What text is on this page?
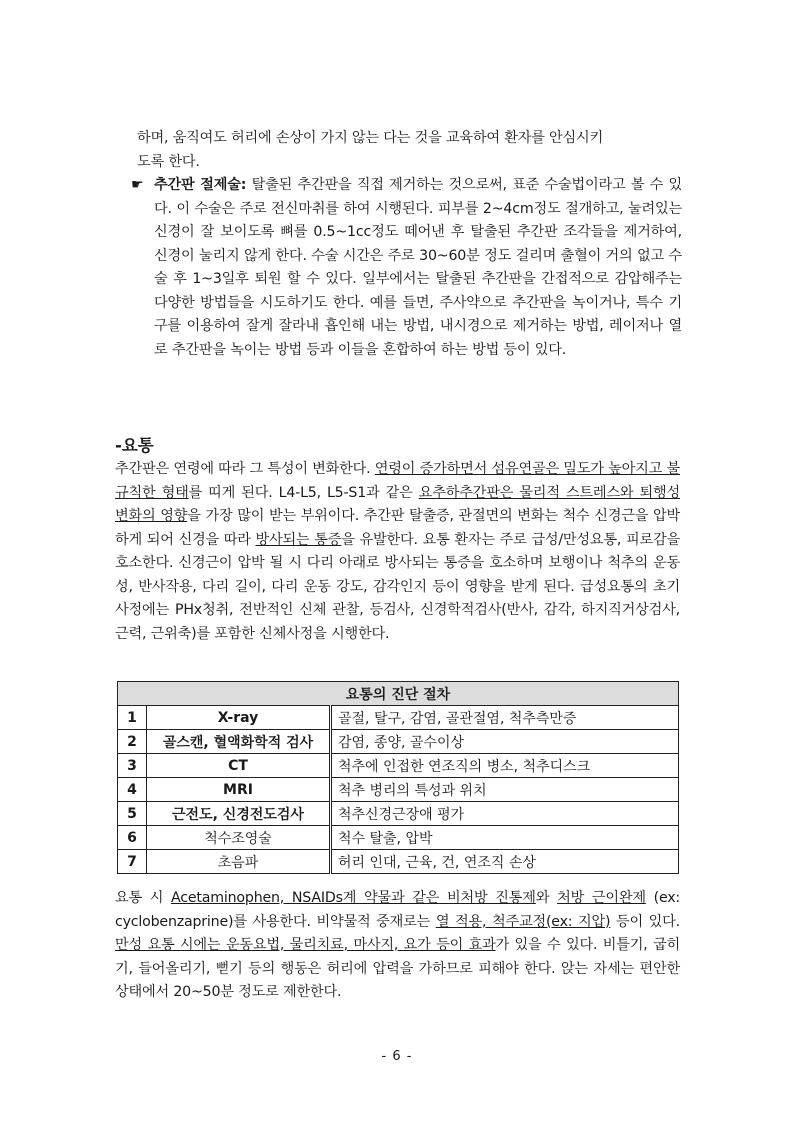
하며, 움직여도 허리에 손상이 가지 않는 다는 것을 교육하여 환자를 안심시키
도록 한다.

☛ 추간판 절제술: 탈출된 추간판을 직접 제거하는 것으로써, 표준 수술법이라고 볼 수 있다. 이 수술은 주로 전신마취를 하여 시행된다. 피부를 2~4cm정도 절개하고, 눌려있는 신경이 잘 보이도록 뼈를 0.5~1cc정도 떼어낸 후 탈출된 추간판 조각들을 제거하여, 신경이 눌리지 않게 한다. 수술 시간은 주로 30~60분 정도 걸리며 출혈이 거의 없고 수술 후 1~3일후 퇴원 할 수 있다. 일부에서는 탈출된 추간판을 간접적으로 감압해주는 다양한 방법들을 시도하기도 한다. 예를 들면, 주사약으로 추간판을 녹이거나, 특수 기구를 이용하여 잘게 잘라내 흡인해 내는 방법, 내시경으로 제거하는 방법, 레이저나 열로 추간판을 녹이는 방법 등과 이들을 혼합하여 하는 방법 등이 있다.
-요통

추간판은 연령에 따라 그 특성이 변화한다. 연령이 증가하면서 섬유연골은 밀도가 높아지고 불규칙한 형태를 띠게 된다. L4-L5, L5-S1과 같은 요추하추간판은 물리적 스트레스와 퇴행성 변화의 영향을 가장 많이 받는 부위이다. 추간판 탈출증, 관절면의 변화는 척수 신경근을 압박하게 되어 신경을 따라 방사되는 통증을 유발한다. 요통 환자는 주로 급성/만성요통, 피로감을 호소한다. 신경근이 압박 될 시 다리 아래로 방사되는 통증을 호소하며 보행이나 척추의 운동성, 반사작용, 다리 길이, 다리 운동 강도, 감각인지 등이 영향을 받게 된다. 급성요통의 초기 사정에는 PHx청취, 전반적인 신체 관찰, 등검사, 신경학적검사(반사, 감각, 하지직거상검사, 근력, 근위축)를 포함한 신체사정을 시행한다.

요통의 진단 절차		
1	X-ray	골절, 탈구, 감염, 골관절염, 척추측만증
2	골스캔, 혈액화학적 검사	감염, 종양, 골수이상
3	CT	척추에 인접한 연조직의 병소, 척추디스크
4	MRI	척추 병리의 특성과 위치
5	근전도, 신경전도검사	척추신경근장애 평가
6	척수조영술	척수 탈출, 압박
7	초음파	허리 인대, 근육, 건, 연조직 손상

요통 시 Acetaminophen, NSAIDs계 약물과 같은 비처방 진통제와 처방 근이완제 (ex: cyclobenzaprine)를 사용한다. 비약물적 중재로는 열 적용, 척주교정(ex: 지압) 등이 있다. 만성 요통 시에는 운동요법, 물리치료, 마사지, 요가 등이 효과가 있을 수 있다. 비틀기, 굽히기, 들어올리기, 뻗기 등의 행동은 허리에 압력을 가하므로 피해야 한다. 앉는 자세는 편안한 상태에서 20~50분 정도로 제한한다.

- 6 -
